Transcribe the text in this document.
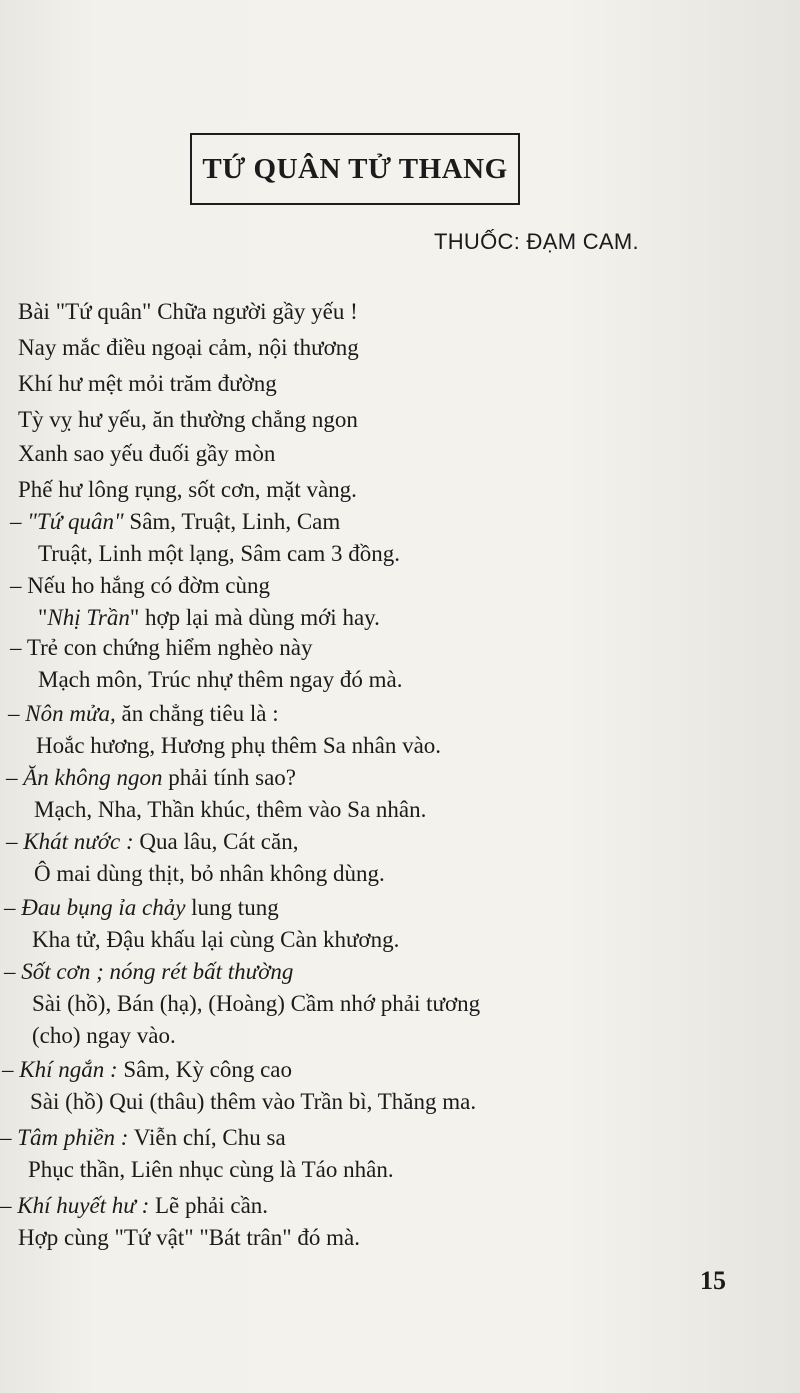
TỨ QUÂN TỬ THANG
THUỐC: ĐẠM CAM.
Bài "Tứ quân" Chữa người gầy yếu !
Nay mắc điều ngoại cảm, nội thương
Khí hư mệt mỏi trăm đường
Tỳ vỵ hư yếu, ăn thường chẳng ngon
Xanh sao yếu đuối gầy mòn
Phế hư lông rụng, sốt cơn, mặt vàng.
– "Tứ quân" Sâm, Truật, Linh, Cam
Truật, Linh một lạng, Sâm cam 3 đồng.
– Nếu ho hắng có đờm cùng
"Nhị Trần" hợp lại mà dùng mới hay.
– Trẻ con chứng hiểm nghèo này
Mạch môn, Trúc nhự thêm ngay đó mà.
– Nôn mửa, ăn chẳng tiêu là :
Hoắc hương, Hương phụ thêm Sa nhân vào.
– Ăn không ngon phải tính sao?
Mạch, Nha, Thần khúc, thêm vào Sa nhân.
– Khát nước : Qua lâu, Cát căn,
Ô mai dùng thịt, bỏ nhân không dùng.
– Đau bụng ỉa chảy lung tung
Kha tử, Đậu khấu lại cùng Càn khương.
– Sốt cơn ; nóng rét bất thường
Sài (hồ), Bán (hạ), (Hoàng) Cầm nhớ phải tương
(cho) ngay vào.
– Khí ngắn : Sâm, Kỳ công cao
Sài (hồ) Qui (thâu) thêm vào Trần bì, Thăng ma.
– Tâm phiền : Viễn chí, Chu sa
Phục thần, Liên nhục cùng là Táo nhân.
– Khí huyết hư : Lẽ phải cần.
Hợp cùng "Tứ vật" "Bát trân" đó mà.
15
